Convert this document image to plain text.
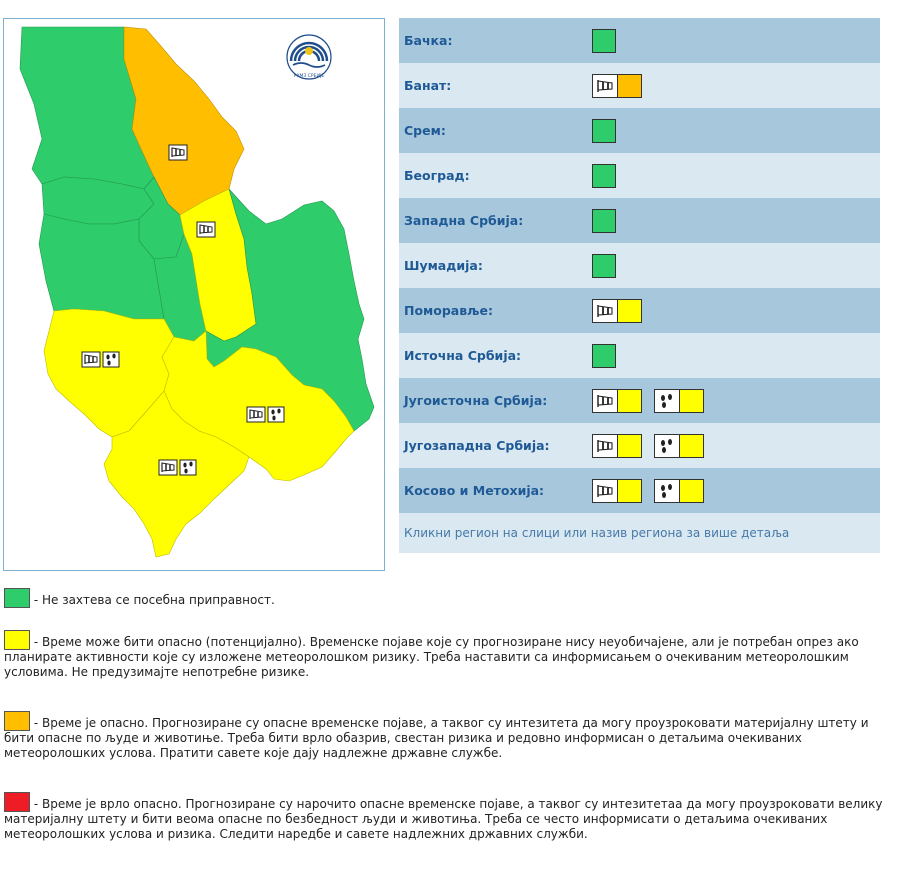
РХМЗ СРБИЈЕ
Бачка:	
Банат:	

Срем:	
Београд:	
Западна Србија:	
Шумадија:	
Поморавље:	

Источна Србија:	
Југоисточна Србија:	

Југозападна Србија:	

Косово и Метохија:	

Кликни регион на слици или назив региона за више детаља	
- Не захтева се посебна приправност.
- Време може бити опасно (потенцијално). Временске појаве које су прогнозиране нису неуобичајене, али је потребан опрез ако планирате активности које су изложене метеоролошком ризику. Треба наставити са информисањем о очекиваним метеоролошким условима. Не предузимајте непотребне ризике.
- Време је опасно. Прогнозиране су опасне временске појаве, а таквог су интезитета да могу проузроковати материјалну штету и бити опасне по људе и животиње. Треба бити врло обазрив, свестан ризика и редовно информисан о детаљима очекиваних метеоролошких услова. Пратити савете које дају надлежне државне службе.
- Време је врло опасно. Прогнозиране су нарочито опасне временске појаве, а таквог су интезитетаа да могу проузроковати велику материјалну штету и бити веома опасне по безбедност људи и животиња. Треба се често информисати о детаљима очекиваних метеоролошких услова и ризика. Следити наредбе и савете надлежних државних служби.
